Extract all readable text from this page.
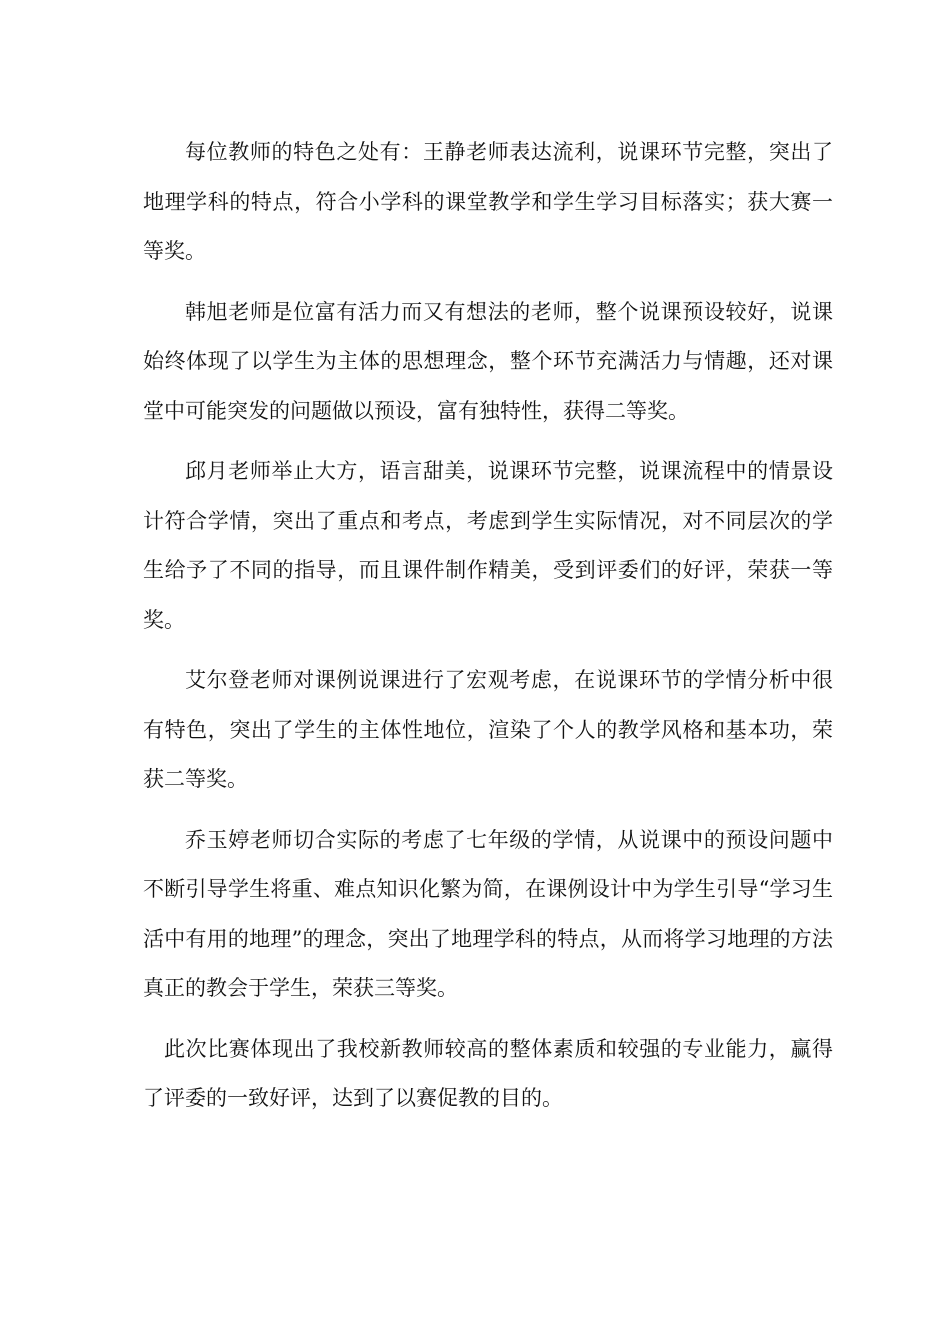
每位教师的特色之处有：王静老师表达流利，说课环节完整，突出了地理学科的特点，符合小学科的课堂教学和学生学习目标落实；获大赛一等奖。

韩旭老师是位富有活力而又有想法的老师，整个说课预设较好，说课始终体现了以学生为主体的思想理念，整个环节充满活力与情趣，还对课堂中可能突发的问题做以预设，富有独特性，获得二等奖。

邱月老师举止大方，语言甜美，说课环节完整，说课流程中的情景设计符合学情，突出了重点和考点，考虑到学生实际情况，对不同层次的学生给予了不同的指导，而且课件制作精美，受到评委们的好评，荣获一等奖。

艾尔登老师对课例说课进行了宏观考虑，在说课环节的学情分析中很有特色，突出了学生的主体性地位，渲染了个人的教学风格和基本功，荣获二等奖。

乔玉婷老师切合实际的考虑了七年级的学情，从说课中的预设问题中不断引导学生将重、难点知识化繁为简，在课例设计中为学生引导“学习生活中有用的地理”的理念，突出了地理学科的特点，从而将学习地理的方法真正的教会于学生，荣获三等奖。

此次比赛体现出了我校新教师较高的整体素质和较强的专业能力，赢得了评委的一致好评，达到了以赛促教的目的。
